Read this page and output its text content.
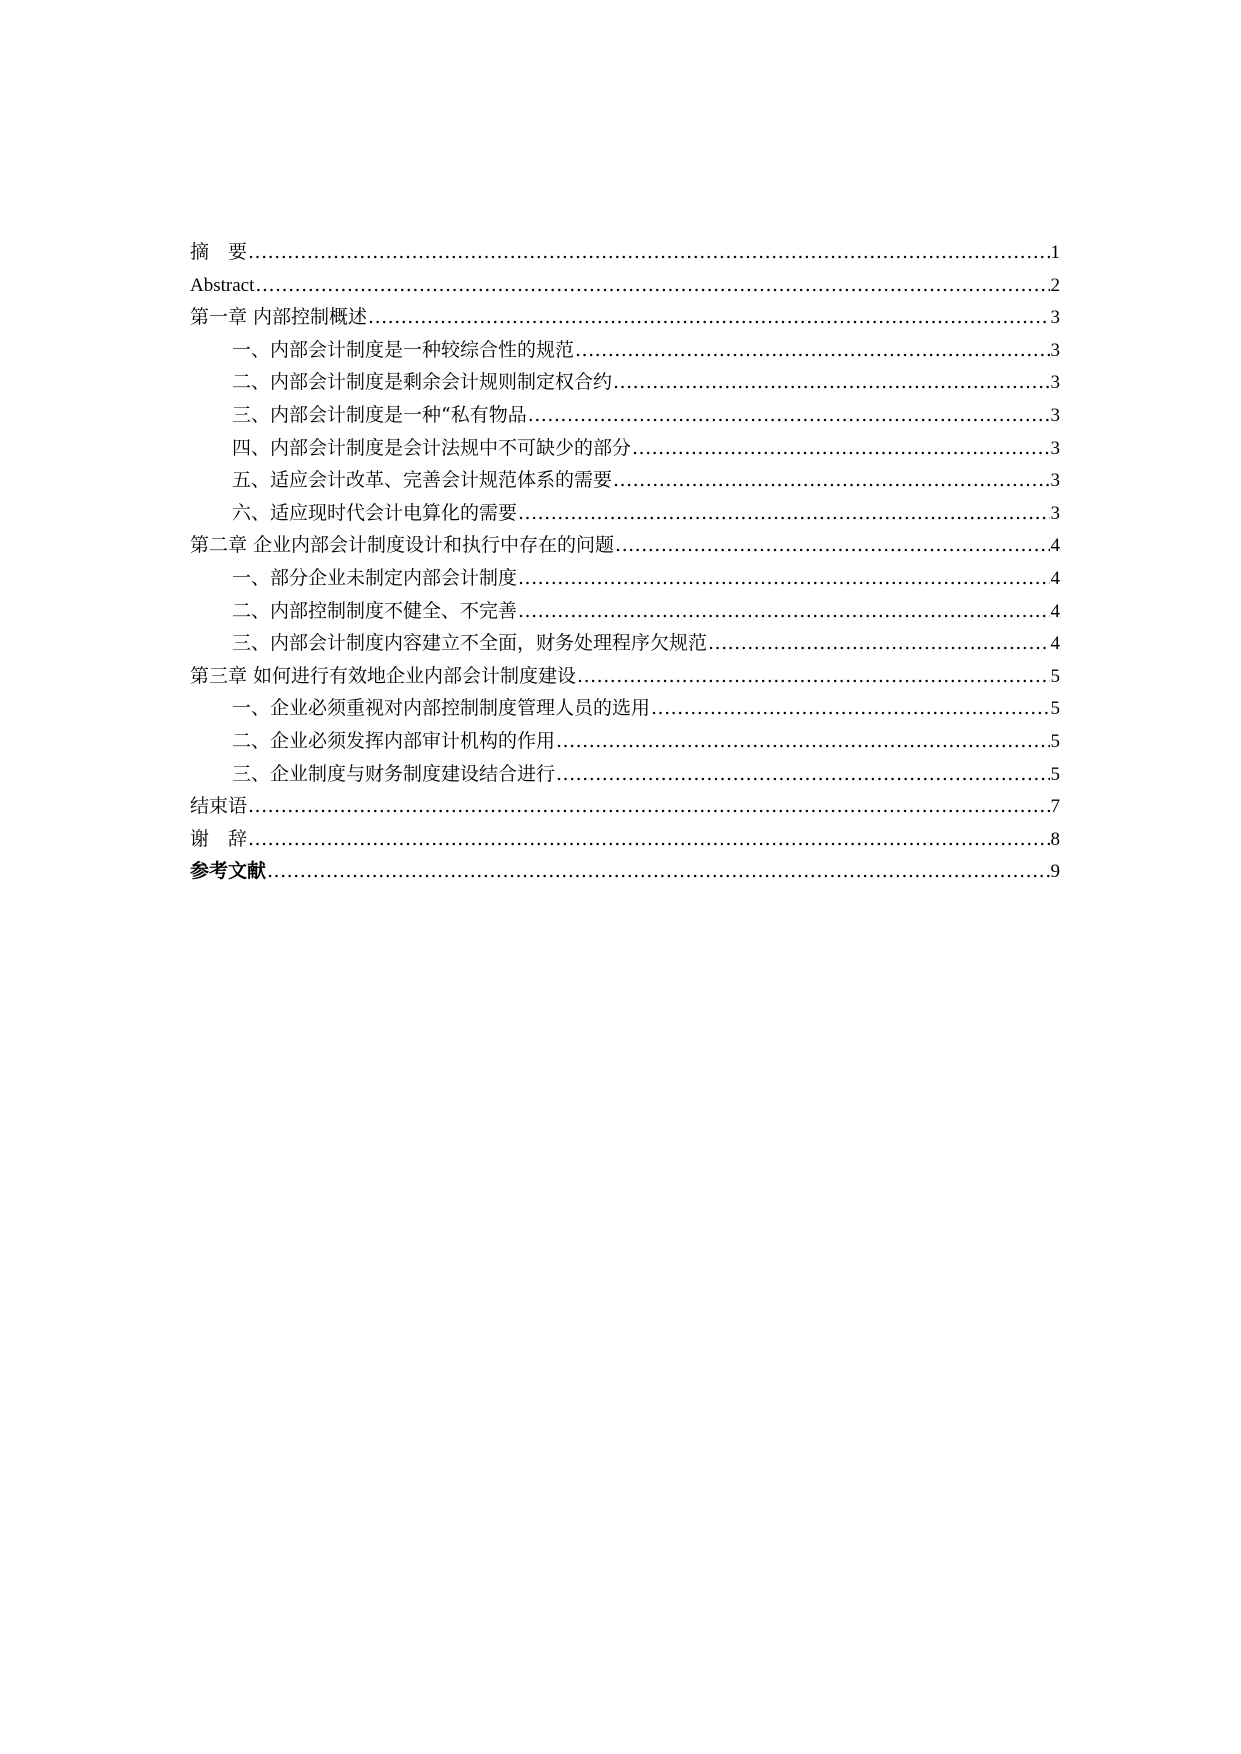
摘　要 .....	1
Abstract .....	2
第一章 内部控制概述 .....	3
一、内部会计制度是一种较综合性的规范 .....	3
二、内部会计制度是剩余会计规则制定权合约 .....	3
三、内部会计制度是一种“私有物品 .....	3
四、内部会计制度是会计法规中不可缺少的部分 .....	3
五、适应会计改革、完善会计规范体系的需要 .....	3
六、适应现时代会计电算化的需要 .....	3
第二章 企业内部会计制度设计和执行中存在的问题 .....	4
一、部分企业未制定内部会计制度 .....	4
二、内部控制制度不健全、不完善 .....	4
三、内部会计制度内容建立不全面，财务处理程序欠规范 .....	4
第三章 如何进行有效地企业内部会计制度建设 .....	5
一、企业必须重视对内部控制制度管理人员的选用 .....	5
二、企业必须发挥内部审计机构的作用 .....	5
三、企业制度与财务制度建设结合进行 .....	5
结束语 .....	7
谢　辞 .....	8
参考文献 .....	9
